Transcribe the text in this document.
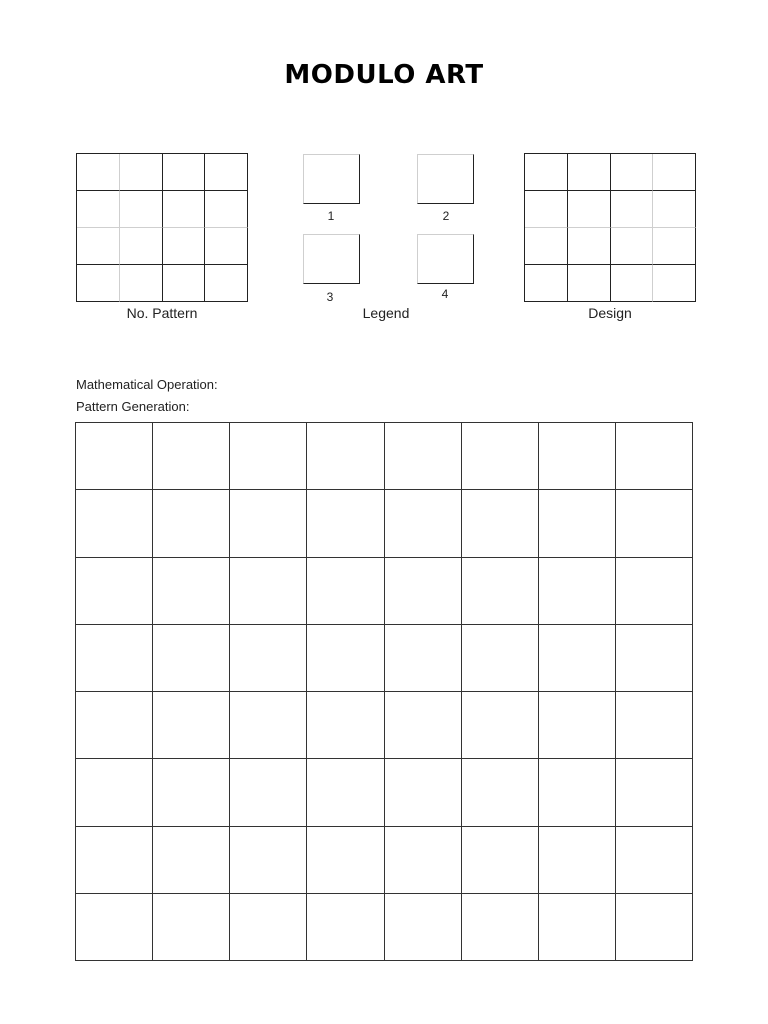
MODULO ART
No. Pattern
1	2
3	4
Legend	Design
Mathematical Operation:
Pattern Generation:
